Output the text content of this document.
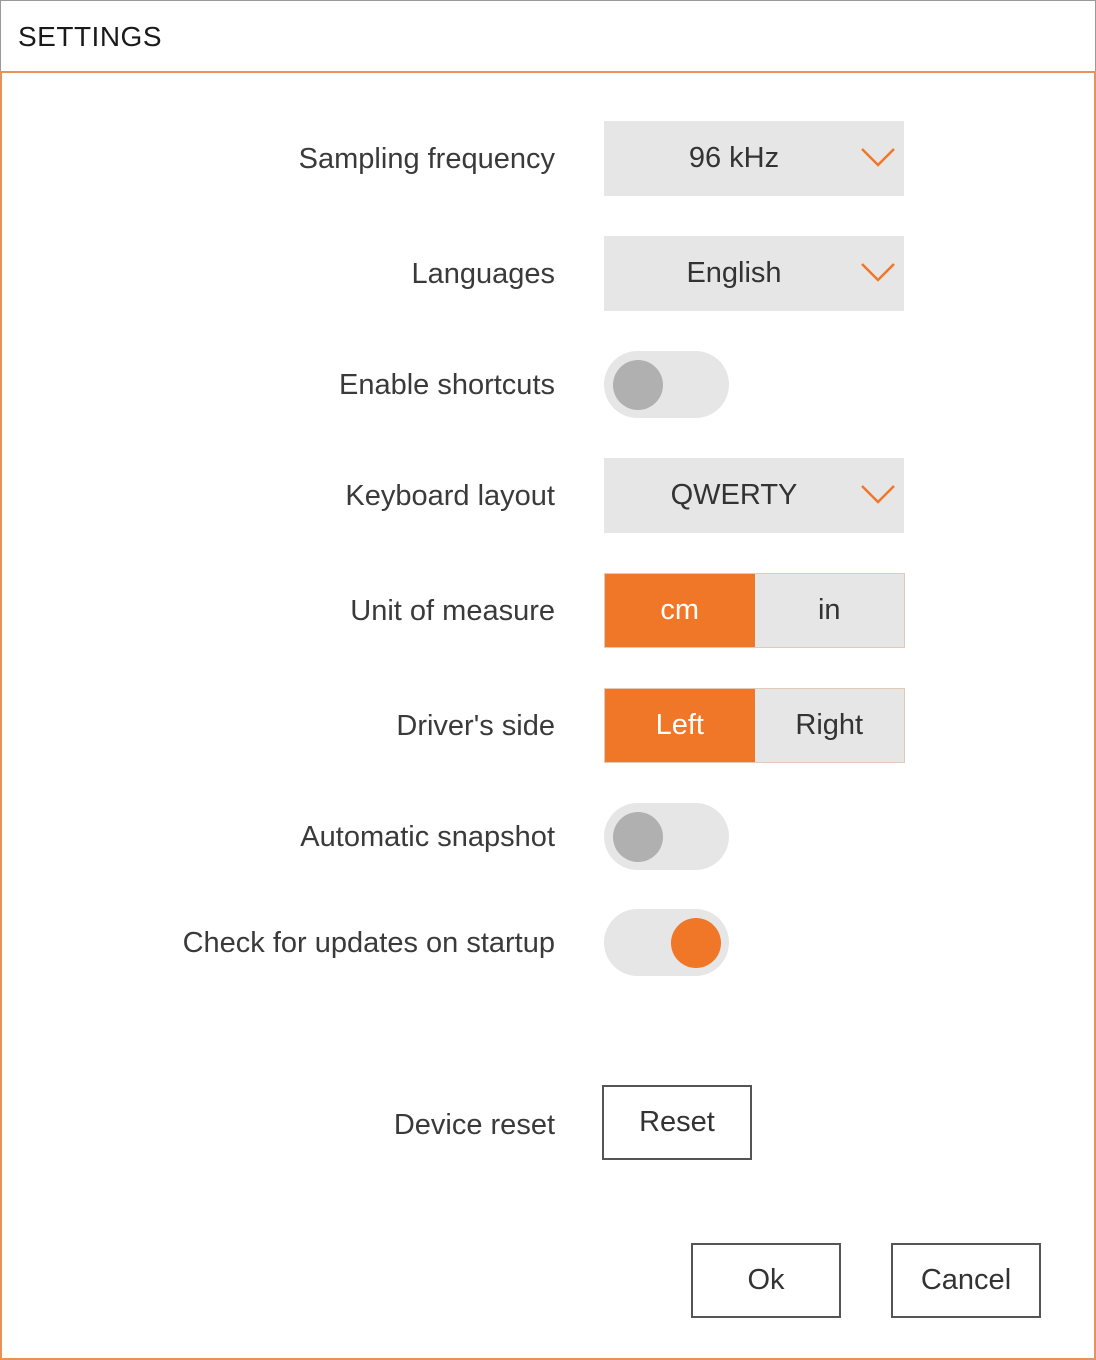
SETTINGS
Sampling frequency	96 kHz
Languages	English
Enable shortcuts
Keyboard layout	QWERTY
Unit of measure	cm	in
Driver's side	Left	Right
Automatic snapshot
Check for updates on startup
Device reset	Reset
Ok	Cancel
